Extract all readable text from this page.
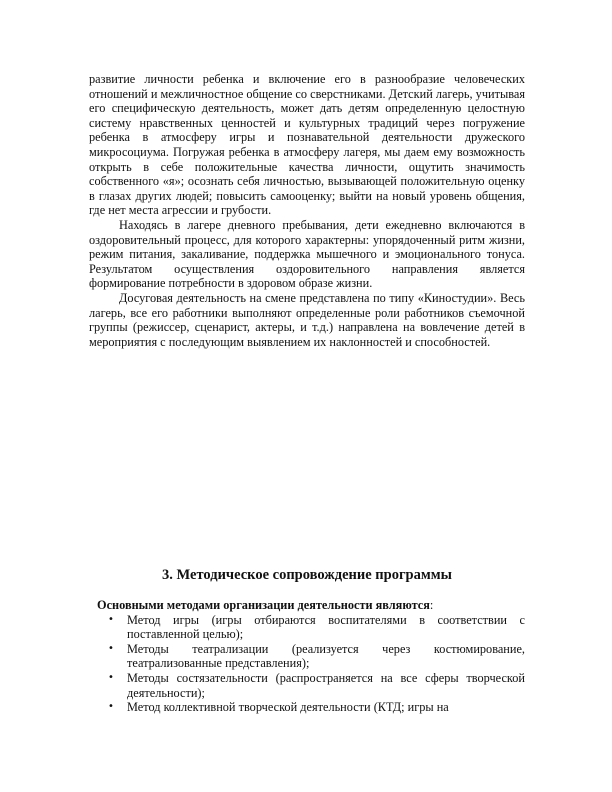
развитие личности ребенка и включение его в разнообразие человеческих отношений и межличностное общение со сверстниками. Детский лагерь, учитывая его специфическую деятельность, может дать детям определенную целостную систему нравственных ценностей и культурных традиций через погружение ребенка в атмосферу игры и познавательной деятельности дружеского микросоциума. Погружая ребенка в атмосферу лагеря, мы даем ему возможность открыть в себе положительные качества личности, ощутить значимость собственного «я»; осознать себя личностью, вызывающей положительную оценку в глазах других людей; повысить самооценку; выйти на новый уровень общения, где нет места агрессии и грубости.

Находясь в лагере дневного пребывания, дети ежедневно включаются в оздоровительный процесс, для которого характерны: упорядоченный ритм жизни, режим питания, закаливание, поддержка мышечного и эмоционального тонуса. Результатом осуществления оздоровительного направления является формирование потребности в здоровом образе жизни.

Досуговая деятельность на смене представлена по типу «Киностудии». Весь лагерь, все его работники выполняют определенные роли работников съемочной группы (режиссер, сценарист, актеры, и т.д.) направлена на вовлечение детей в мероприятия с последующим выявлением их наклонностей и способностей.

3. Методическое сопровождение программы

Основными методами организации деятельности являются:

• Метод игры (игры отбираются воспитателями в соответствии с поставленной целью);
• Методы театрализации (реализуется через костюмирование, театрализованные представления);
• Методы состязательности (распространяется на все сферы творческой деятельности);
• Метод коллективной творческой деятельности (КТД; игры на
